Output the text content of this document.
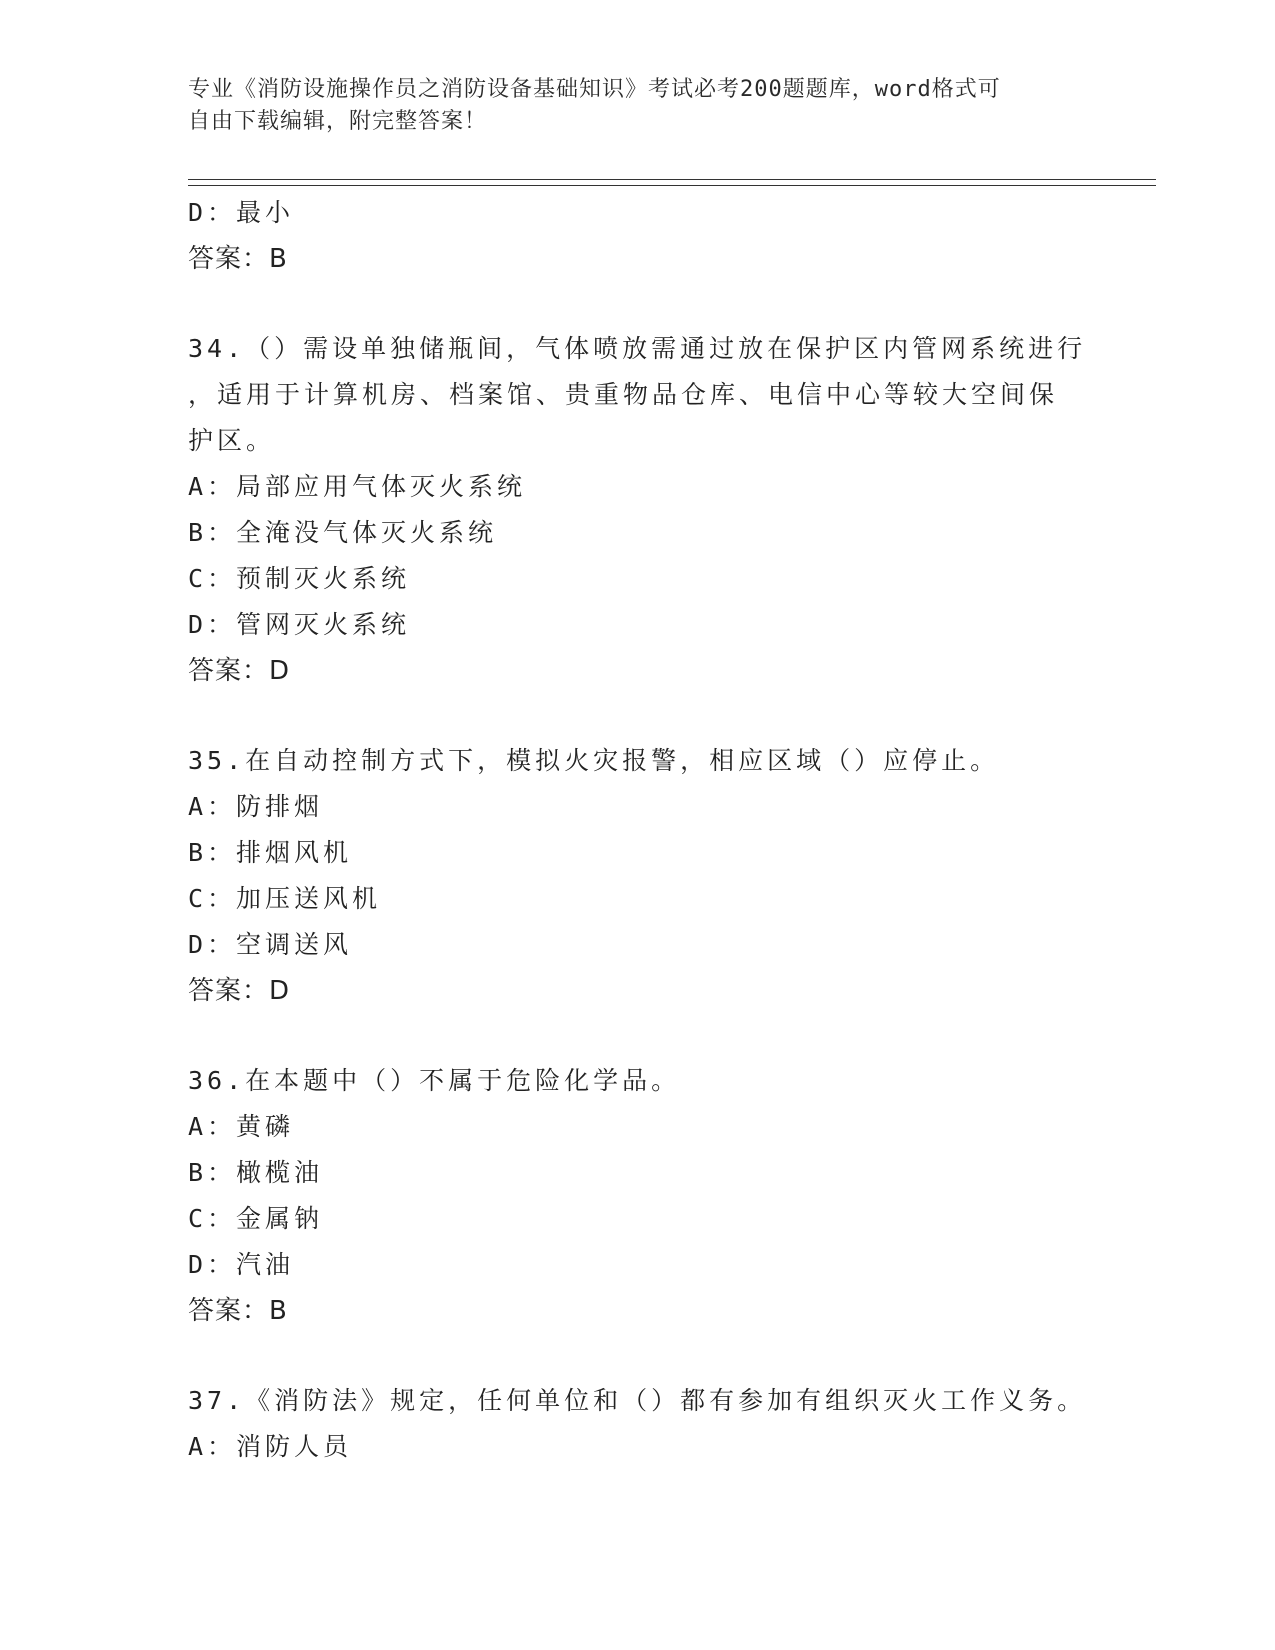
专业《消防设施操作员之消防设备基础知识》考试必考200题题库，word格式可
自由下载编辑，附完整答案！

D：最小

答案：B

34.（）需设单独储瓶间，气体喷放需通过放在保护区内管网系统进行

，适用于计算机房、档案馆、贵重物品仓库、电信中心等较大空间保

护区。

A：局部应用气体灭火系统

B：全淹没气体灭火系统

C：预制灭火系统

D：管网灭火系统

答案：D

35.在自动控制方式下，模拟火灾报警，相应区域（）应停止。

A：防排烟

B：排烟风机

C：加压送风机

D：空调送风

答案：D

36.在本题中（）不属于危险化学品。

A：黄磷

B：橄榄油

C：金属钠

D：汽油

答案：B

37.《消防法》规定，任何单位和（）都有参加有组织灭火工作义务。

A：消防人员
